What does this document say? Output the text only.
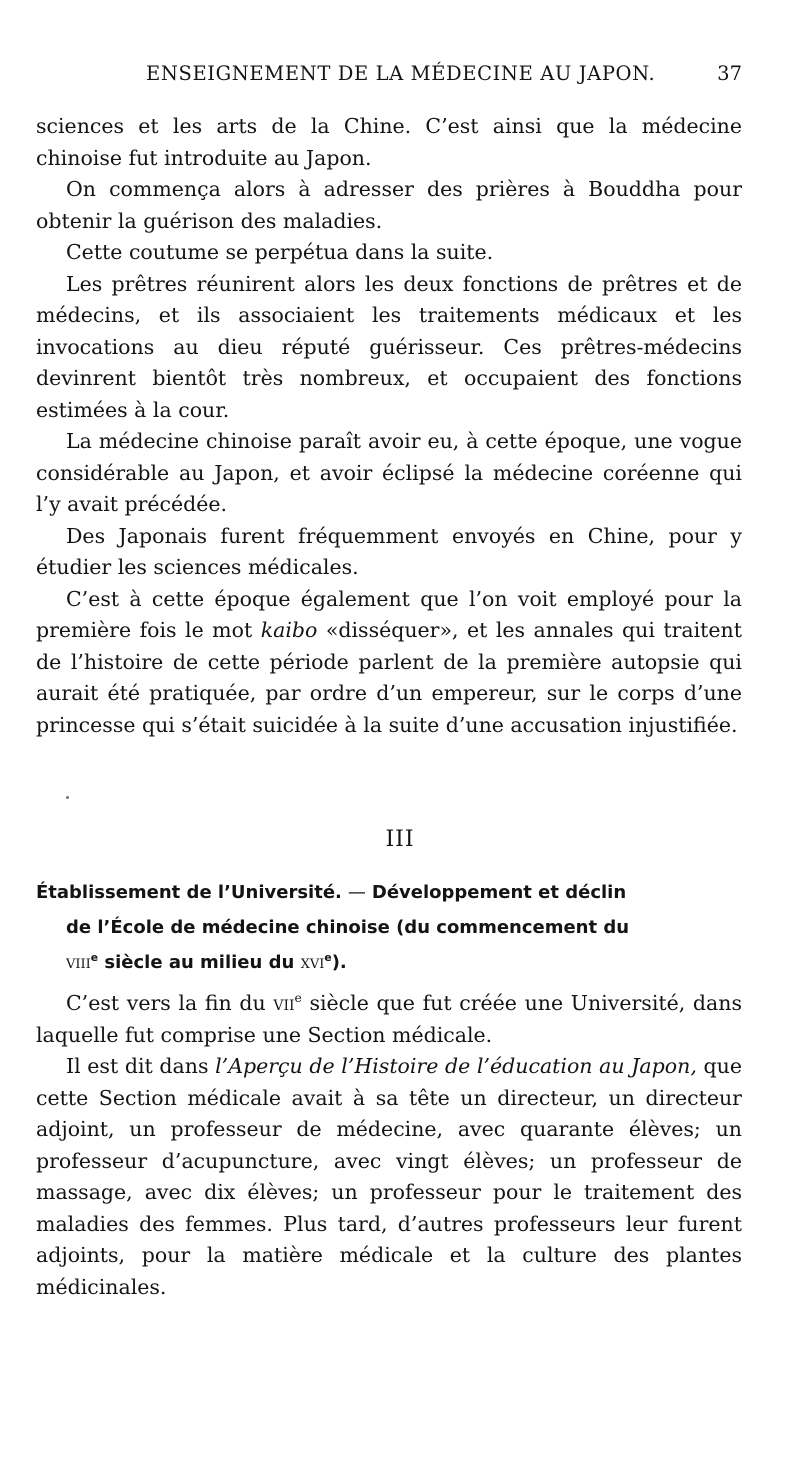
ENSEIGNEMENT DE LA MÉDECINE AU JAPON.	37

sciences et les arts de la Chine. C’est ainsi que la médecine chinoise fut introduite au Japon.

On commença alors à adresser des prières à Bouddha pour obtenir la guérison des maladies.

Cette coutume se perpétua dans la suite.

Les prêtres réunirent alors les deux fonctions de prêtres et de médecins, et ils associaient les traitements médicaux et les invocations au dieu réputé guérisseur. Ces prêtres-médecins devinrent bientôt très nombreux, et occupaient des fonctions estimées à la cour.

La médecine chinoise paraît avoir eu, à cette époque, une vogue considérable au Japon, et avoir éclipsé la médecine coréenne qui l’y avait précédée.

Des Japonais furent fréquemment envoyés en Chine, pour y étudier les sciences médicales.

C’est à cette époque également que l’on voit employé pour la première fois le mot kaibo «disséquer», et les annales qui traitent de l’histoire de cette période parlent de la première autopsie qui aurait été pratiquée, par ordre d’un empereur, sur le corps d’une princesse qui s’était suicidée à la suite d’une accusation injustifiée.

III
Établissement de l’Université. — Développement et déclin
de l’École de médecine chinoise (du commencement du
viii$^e$ siècle au milieu du xvi$^e$).

C’est vers la fin du vii$^e$ siècle que fut créée une Université, dans laquelle fut comprise une Section médicale.

Il est dit dans l’Aperçu de l’Histoire de l’éducation au Japon, que cette Section médicale avait à sa tête un directeur, un directeur adjoint, un professeur de médecine, avec quarante élèves; un professeur d’acupuncture, avec vingt élèves; un professeur de massage, avec dix élèves; un professeur pour le traitement des maladies des femmes. Plus tard, d’autres professeurs leur furent adjoints, pour la matière médicale et la culture des plantes médicinales.
